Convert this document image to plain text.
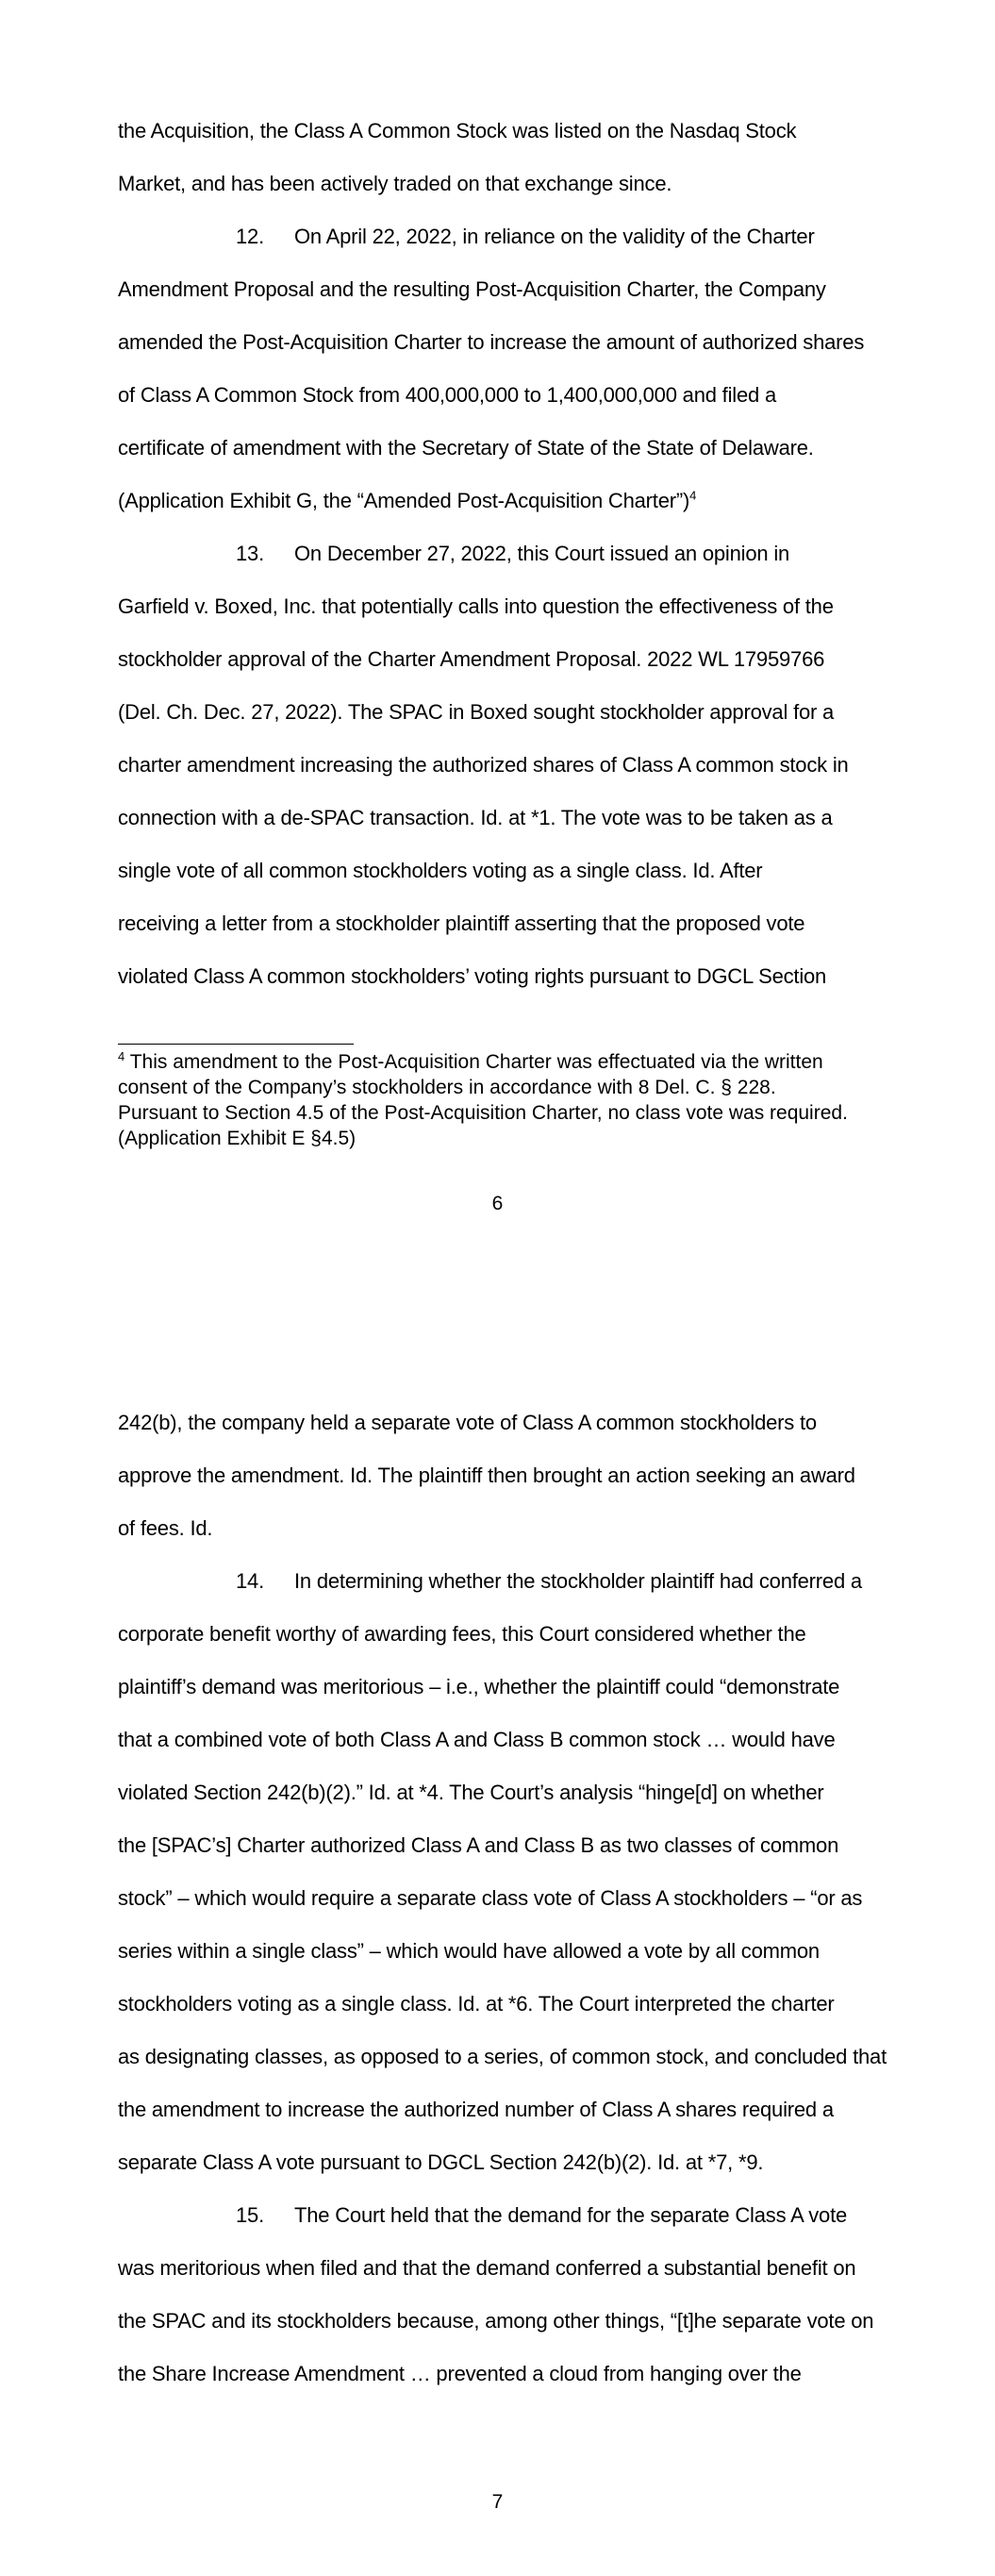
the Acquisition, the Class A Common Stock was listed on the Nasdaq Stock
Market, and has been actively traded on that exchange since.
12. On April 22, 2022, in reliance on the validity of the Charter
Amendment Proposal and the resulting Post-Acquisition Charter, the Company
amended the Post-Acquisition Charter to increase the amount of authorized shares
of Class A Common Stock from 400,000,000 to 1,400,000,000 and filed a
certificate of amendment with the Secretary of State of the State of Delaware.
(Application Exhibit G, the “Amended Post-Acquisition Charter”)$^4$
13. On December 27, 2022, this Court issued an opinion in
Garfield v. Boxed, Inc. that potentially calls into question the effectiveness of the
stockholder approval of the Charter Amendment Proposal. 2022 WL 17959766
(Del. Ch. Dec. 27, 2022). The SPAC in Boxed sought stockholder approval for a
charter amendment increasing the authorized shares of Class A common stock in
connection with a de-SPAC transaction. Id. at *1. The vote was to be taken as a
single vote of all common stockholders voting as a single class. Id. After
receiving a letter from a stockholder plaintiff asserting that the proposed vote
violated Class A common stockholders’ voting rights pursuant to DGCL Section
$^4$ This amendment to the Post-Acquisition Charter was effectuated via the written
consent of the Company’s stockholders in accordance with 8 Del. C. § 228.
Pursuant to Section 4.5 of the Post-Acquisition Charter, no class vote was required.
(Application Exhibit E §4.5)
6
242(b), the company held a separate vote of Class A common stockholders to
approve the amendment. Id. The plaintiff then brought an action seeking an award
of fees. Id.
14. In determining whether the stockholder plaintiff had conferred a
corporate benefit worthy of awarding fees, this Court considered whether the
plaintiff’s demand was meritorious – i.e., whether the plaintiff could “demonstrate
that a combined vote of both Class A and Class B common stock … would have
violated Section 242(b)(2).” Id. at *4. The Court’s analysis “hinge[d] on whether
the [SPAC’s] Charter authorized Class A and Class B as two classes of common
stock” – which would require a separate class vote of Class A stockholders – “or as
series within a single class” – which would have allowed a vote by all common
stockholders voting as a single class. Id. at *6. The Court interpreted the charter
as designating classes, as opposed to a series, of common stock, and concluded that
the amendment to increase the authorized number of Class A shares required a
separate Class A vote pursuant to DGCL Section 242(b)(2). Id. at *7, *9.
15. The Court held that the demand for the separate Class A vote
was meritorious when filed and that the demand conferred a substantial benefit on
the SPAC and its stockholders because, among other things, “[t]he separate vote on
the Share Increase Amendment … prevented a cloud from hanging over the
7
